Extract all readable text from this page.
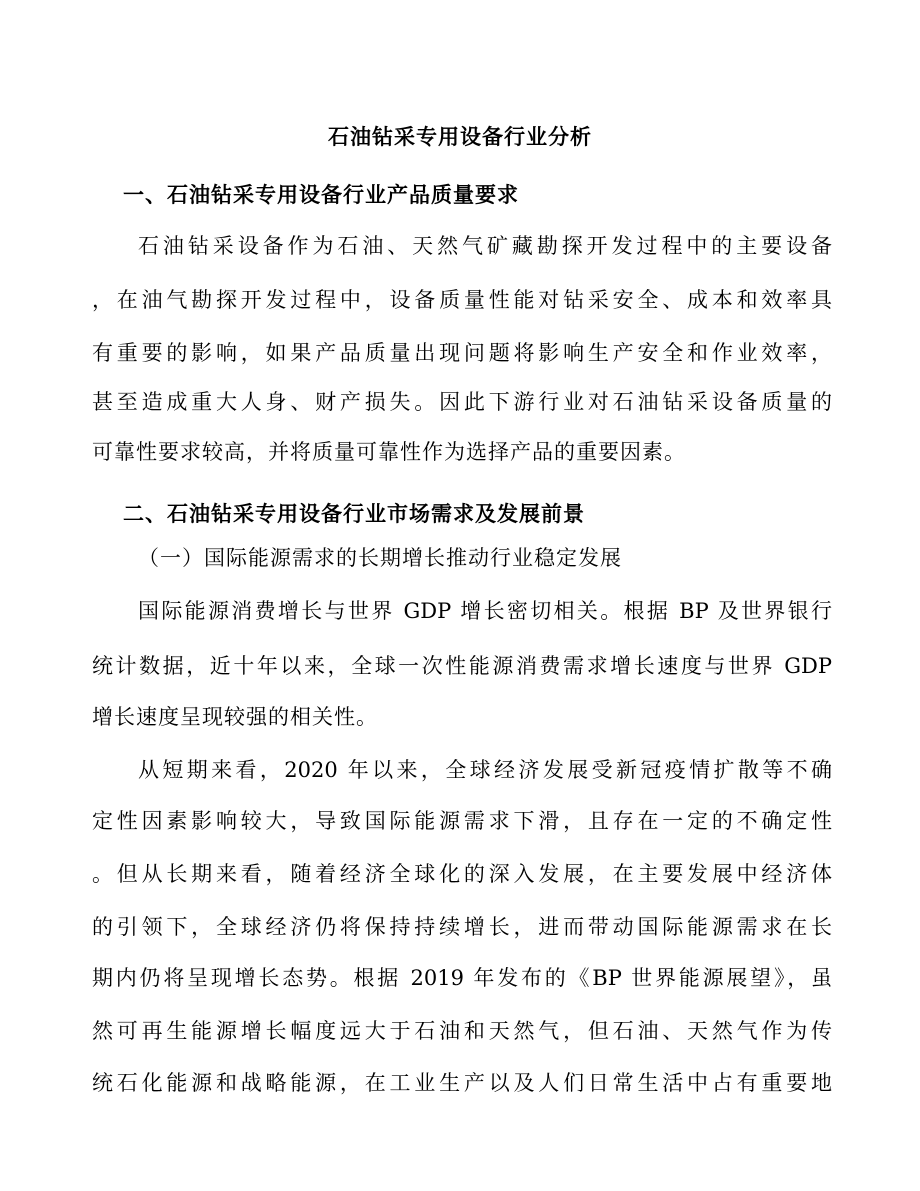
石油钻采专用设备行业分析
一、石油钻采专用设备行业产品质量要求
石油钻采设备作为石油、天然气矿藏勘探开发过程中的主要设备
，在油气勘探开发过程中，设备质量性能对钻采安全、成本和效率具
有重要的影响，如果产品质量出现问题将影响生产安全和作业效率，
甚至造成重大人身、财产损失。因此下游行业对石油钻采设备质量的
可靠性要求较高，并将质量可靠性作为选择产品的重要因素。
二、石油钻采专用设备行业市场需求及发展前景
（一）国际能源需求的长期增长推动行业稳定发展
国际能源消费增长与世界 GDP 增长密切相关。根据 BP 及世界银行
统计数据，近十年以来，全球一次性能源消费需求增长速度与世界 GDP
增长速度呈现较强的相关性。
从短期来看，2020 年以来，全球经济发展受新冠疫情扩散等不确
定性因素影响较大，导致国际能源需求下滑，且存在一定的不确定性
。但从长期来看，随着经济全球化的深入发展，在主要发展中经济体
的引领下，全球经济仍将保持持续增长，进而带动国际能源需求在长
期内仍将呈现增长态势。根据 2019 年发布的《BP 世界能源展望》，虽
然可再生能源增长幅度远大于石油和天然气，但石油、天然气作为传
统石化能源和战略能源，在工业生产以及人们日常生活中占有重要地
